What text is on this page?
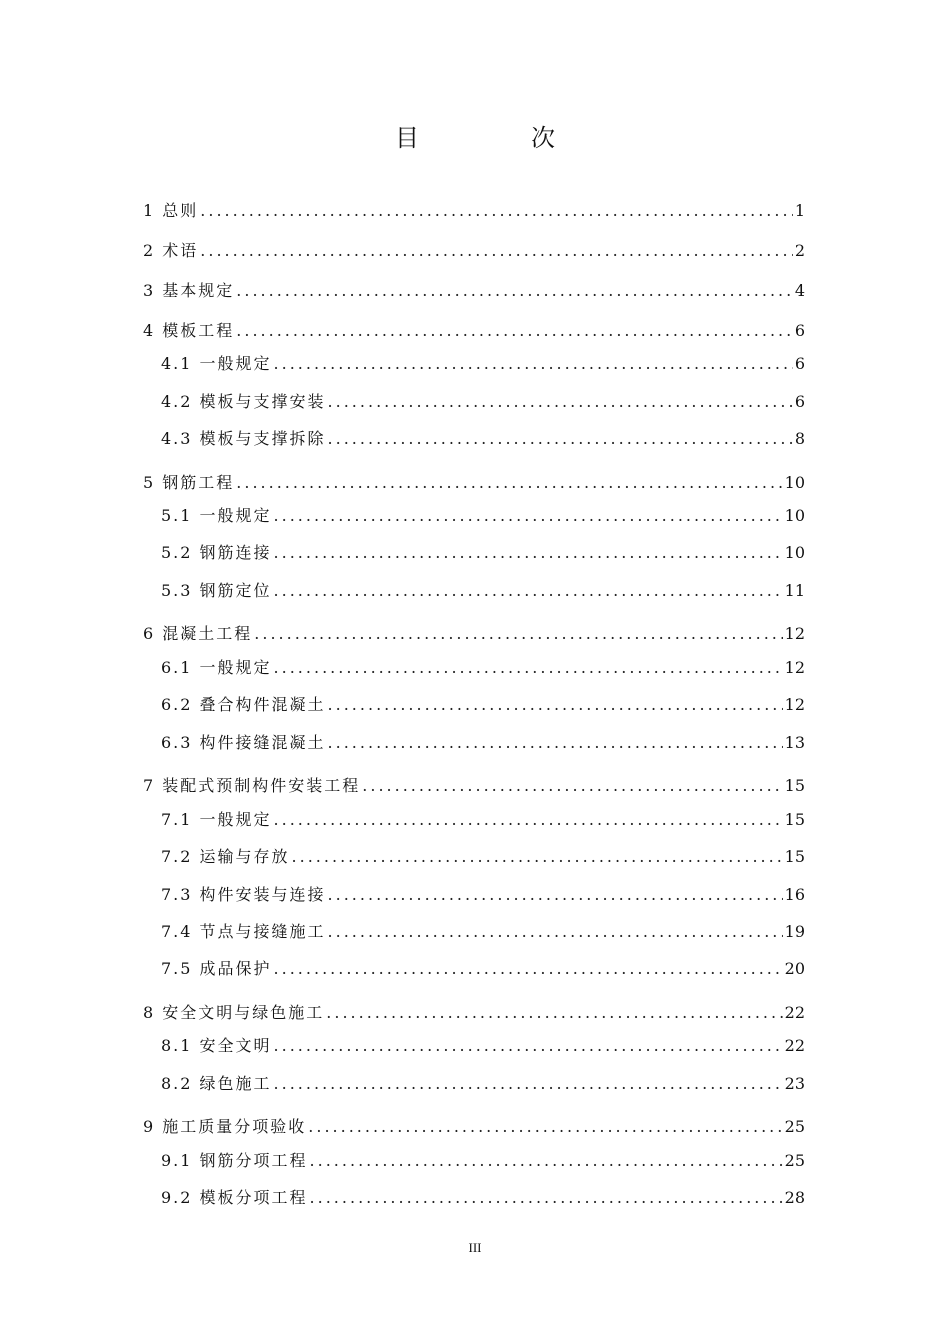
目　次
1 总则 .....	1
2 术语 .....	2
3 基本规定 .....	4
4 模板工程 .....	6
4.1 一般规定 .....	6
4.2 模板与支撑安装 .....	6
4.3 模板与支撑拆除 .....	8
5 钢筋工程 .....	10
5.1 一般规定 .....	10
5.2 钢筋连接 .....	10
5.3 钢筋定位 .....	11
6 混凝土工程 .....	12
6.1 一般规定 .....	12
6.2 叠合构件混凝土 .....	12
6.3 构件接缝混凝土 .....	13
7 装配式预制构件安装工程 .....	15
7.1 一般规定 .....	15
7.2 运输与存放 .....	15
7.3 构件安装与连接 .....	16
7.4 节点与接缝施工 .....	19
7.5 成品保护 .....	20
8 安全文明与绿色施工 .....	22
8.1 安全文明 .....	22
8.2 绿色施工 .....	23
9 施工质量分项验收 .....	25
9.1 钢筋分项工程 .....	25
9.2 模板分项工程 .....	28
III
